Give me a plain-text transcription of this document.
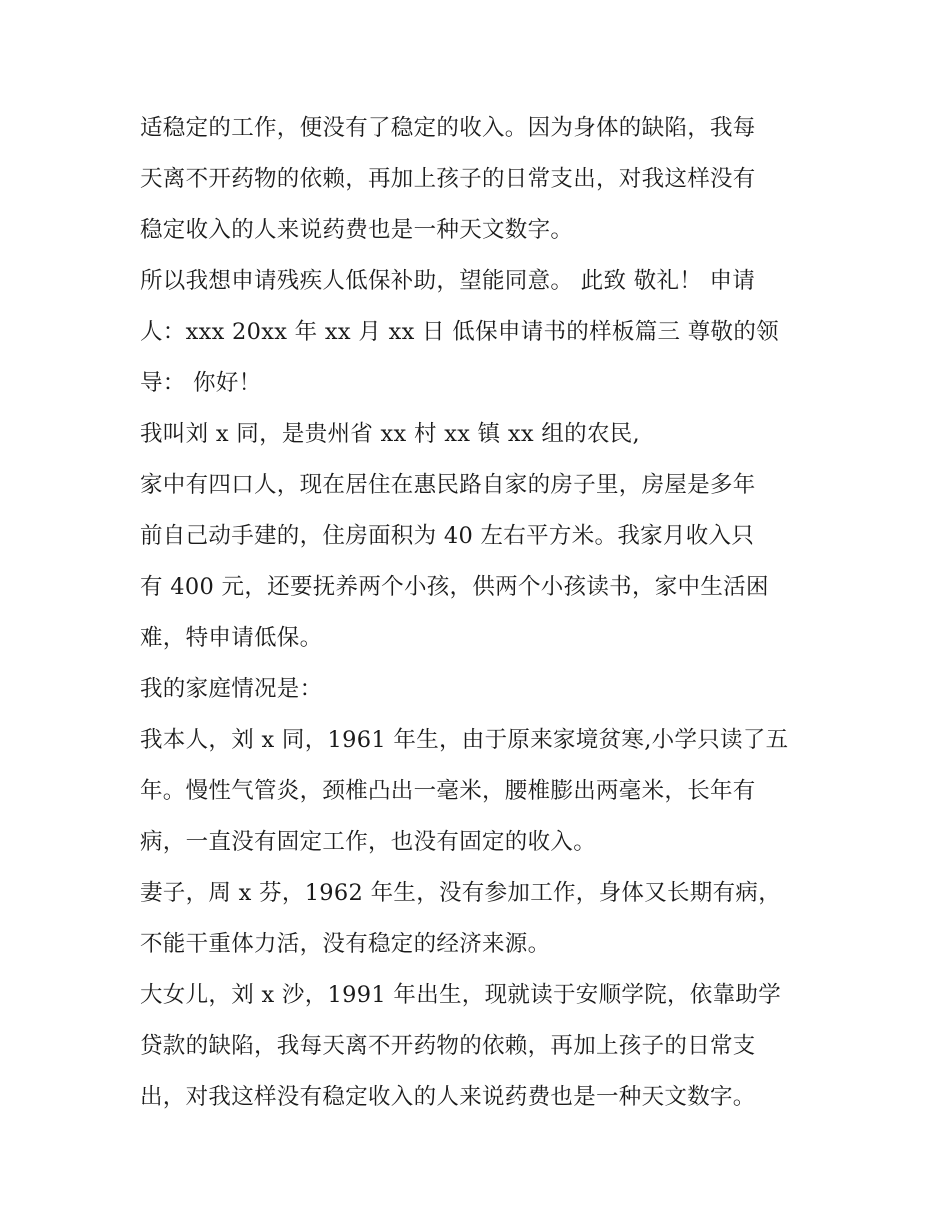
适稳定的工作，便没有了稳定的收入。因为身体的缺陷，我每
天离不开药物的依赖，再加上孩子的日常支出，对我这样没有
稳定收入的人来说药费也是一种天文数字。
所以我想申请残疾人低保补助，望能同意。 此致 敬礼！ 申请
人：xxx 20xx 年 xx 月 xx 日 低保申请书的样板篇三 尊敬的领
导： 你好！
我叫刘 x 同，是贵州省 xx 村 xx 镇 xx 组的农民,
家中有四口人，现在居住在惠民路自家的房子里，房屋是多年
前自己动手建的，住房面积为 40 左右平方米。我家月收入只
有 400 元，还要抚养两个小孩，供两个小孩读书，家中生活困
难，特申请低保。
我的家庭情况是：
我本人，刘 x 同，1961 年生，由于原来家境贫寒,小学只读了五
年。慢性气管炎，颈椎凸出一毫米，腰椎膨出两毫米，长年有
病，一直没有固定工作，也没有固定的收入。
妻子，周 x 芬，1962 年生，没有参加工作，身体又长期有病，
不能干重体力活，没有稳定的经济来源。
大女儿，刘 x 沙，1991 年出生，现就读于安顺学院，依靠助学
贷款的缺陷，我每天离不开药物的依赖，再加上孩子的日常支
出，对我这样没有稳定收入的人来说药费也是一种天文数字。
